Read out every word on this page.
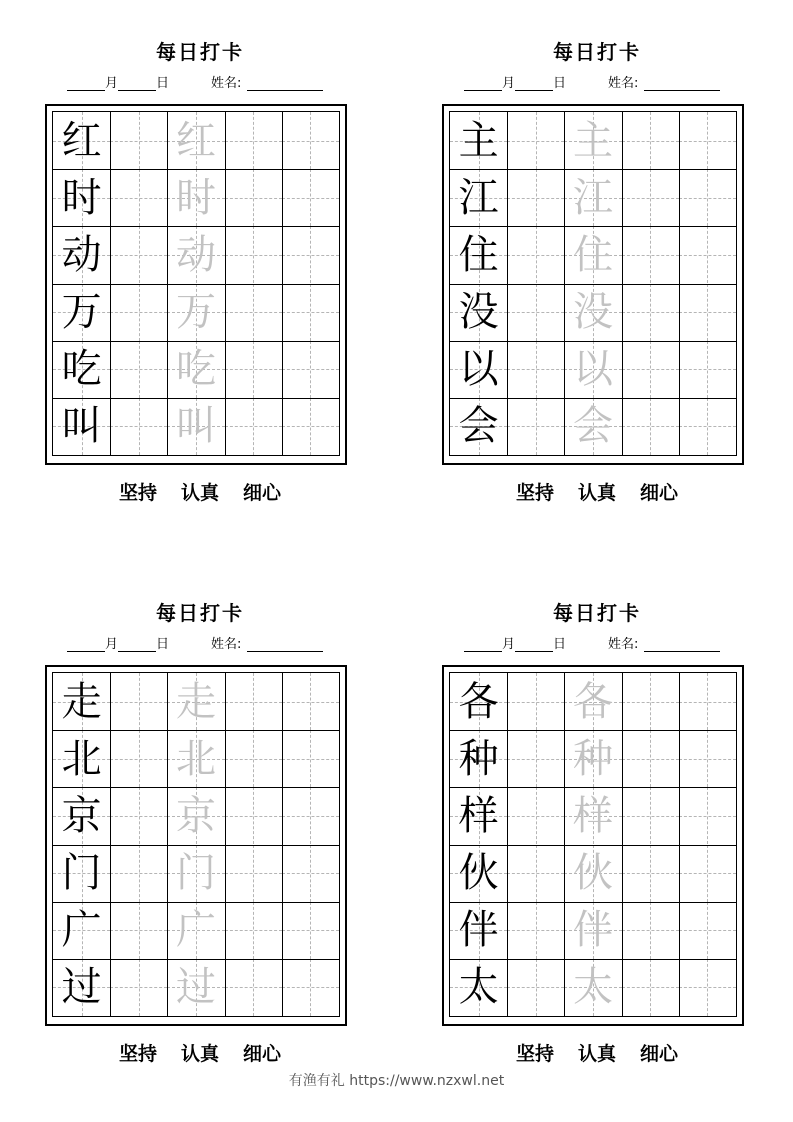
每日打卡
月	日	姓名:
红 红
时 时
动 动
万 万
吃 吃
叫 叫
坚持 认真 细心
每日打卡
月	日	姓名:
主 主
江 江
住 住
没 没
以 以
会 会
坚持 认真 细心
每日打卡
月	日	姓名:
走 走
北 北
京 京
门 门
广 广
过 过
坚持 认真 细心
每日打卡
月	日	姓名:
各 各
种 种
样 样
伙 伙
伴 伴
太 太
坚持 认真 细心
有渔有礼 https://www.nzxwl.net
